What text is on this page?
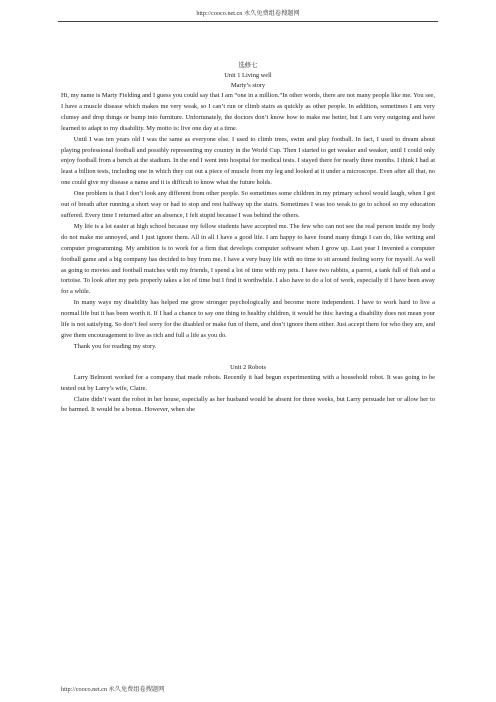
http://cooco.net.cn 永久免费组卷搜题网
选修七
Unit 1 Living well
Marty’s story

Hi, my name is Marty Fielding and I guess you could say that I am “one in a million.”In other words, there are not many people like me. You see, I have a muscle disease which makes me very weak, so I can’t run or climb stairs as quickly as other people. In addition, sometimes I am very clumsy and drop things or bump into furniture. Unfortunately, the doctors don’t know how to make me better, but I am very outgoing and have learned to adapt to my disability. My motto is: live one day at a time.

Until I was ten years old I was the same as everyone else. I used to climb trees, swim and play football. In fact, I used to dream about playing professional football and possibly representing my country in the World Cup. Then I started to get weaker and weaker, until I could only enjoy football from a bench at the stadium. In the end I went into hospital for medical tests. I stayed there for nearly three months. I think I had at least a billion tests, including one in which they cut out a piece of muscle from my leg and looked at it under a microscope. Even after all that, no one could give my disease a name and it is difficult to know what the future holds.

One problem is that I don’t look any different from other people. So sometimes some children in my primary school would laugh, when I got out of breath after running a short way or had to stop and rest halfway up the stairs. Sometimes I was too weak to go to school so my education suffered. Every time I returned after an absence, I felt stupid because I was behind the others.

My life is a lot easier at high school because my fellow students have accepted me. The few who can not see the real person inside my body do not make me annoyed, and I just ignore them. All in all I have a good life. I am happy to have found many things I can do, like writing and computer programming. My ambition is to work for a firm that develops computer software when I grow up. Last year I invented a computer football game and a big company has decided to buy from me. I have a very busy life with no time to sit around feeling sorry for myself. As well as going to movies and football matches with my friends, I spend a lot of time with my pets. I have two rabbits, a parrot, a tank full of fish and a tortoise. To look after my pets properly takes a lot of time but I find it worthwhile. I also have to do a lot of work, especially if I have been away for a while.

In many ways my disability has helped me grow stronger psychologically and become more independent. I have to work hard to live a normal life but it has been worth it. If I had a chance to say one thing to healthy children, it would be this: having a disability does not mean your life is not satisfying. So don’t feel sorry for the disabled or make fun of them, and don’t ignore them either. Just accept them for who they are, and give them encouragement to live as rich and full a life as you do.

Thank you for reading my story.

Unit 2 Robots

Larry Belmont worked for a company that made robots. Recently it had begun experimenting with a household robot. It was going to be tested out by Larry’s wife, Claire.

Claire didn’t want the robot in her house, especially as her husband would be absent for three weeks, but Larry persuade her or allow her to be harmed. It would be a bonus. However, when she

http://cooco.net.cn 永久免费组卷搜题网
